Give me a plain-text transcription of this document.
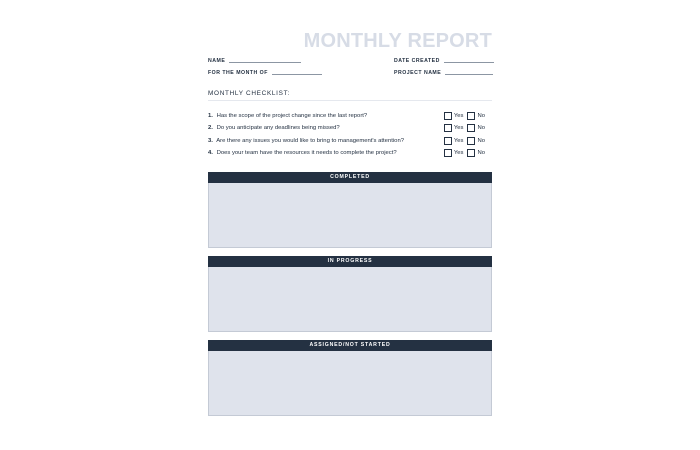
MONTHLY REPORT
NAME	DATE CREATED
FOR THE MONTH OF	PROJECT NAME
MONTHLY CHECKLIST:
1. Has the scope of the project change since the last report?	Yes No
2. Do you anticipate any deadlines being missed?	Yes No
3. Are there any issues you would like to bring to management's attention?	Yes No
4. Does your team have the resources it needs to complete the project?	Yes No
COMPLETED
IN PROGRESS
ASSIGNED/NOT STARTED
